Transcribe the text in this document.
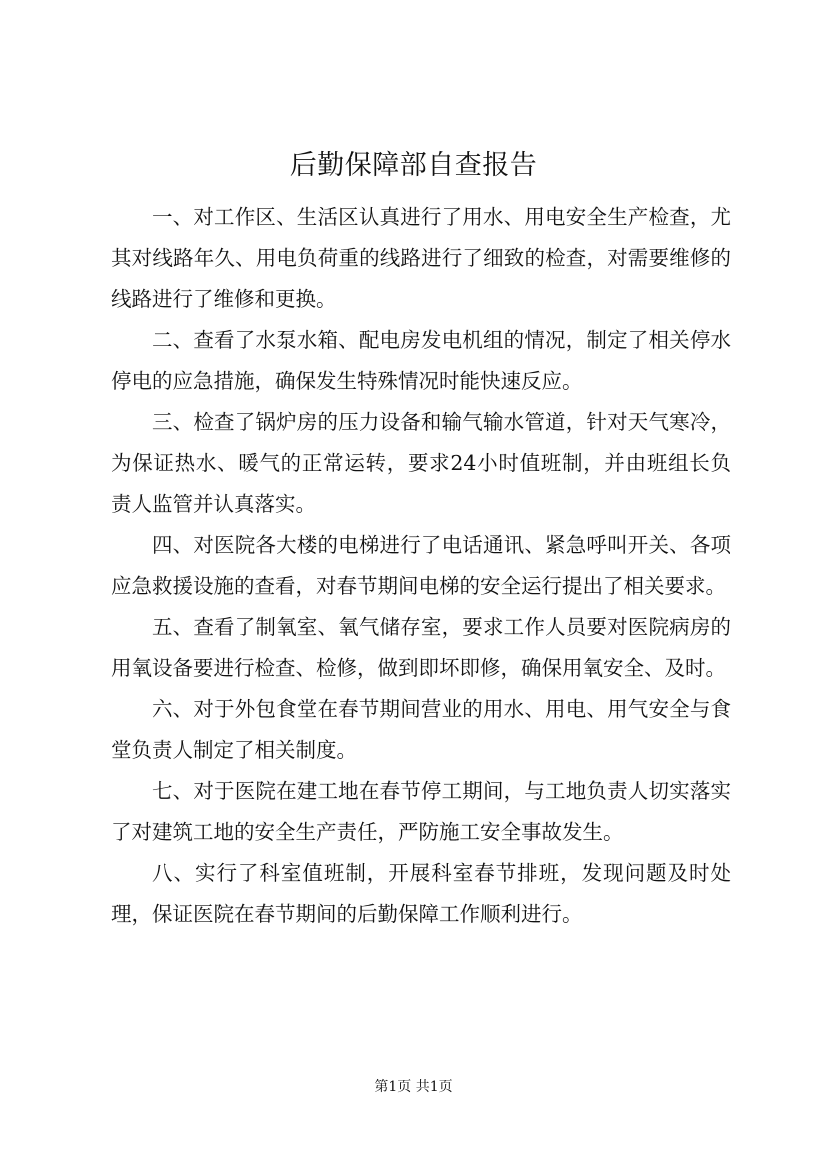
后勤保障部自查报告

一、对工作区、生活区认真进行了用水、用电安全生产检查，尤其对线路年久、用电负荷重的线路进行了细致的检查，对需要维修的线路进行了维修和更换。

二、查看了水泵水箱、配电房发电机组的情况，制定了相关停水停电的应急措施，确保发生特殊情况时能快速反应。

三、检查了锅炉房的压力设备和输气输水管道，针对天气寒冷，为保证热水、暖气的正常运转，要求24小时值班制，并由班组长负责人监管并认真落实。

四、对医院各大楼的电梯进行了电话通讯、紧急呼叫开关、各项应急救援设施的查看，对春节期间电梯的安全运行提出了相关要求。

五、查看了制氧室、氧气储存室，要求工作人员要对医院病房的用氧设备要进行检查、检修，做到即坏即修，确保用氧安全、及时。

六、对于外包食堂在春节期间营业的用水、用电、用气安全与食堂负责人制定了相关制度。

七、对于医院在建工地在春节停工期间，与工地负责人切实落实了对建筑工地的安全生产责任，严防施工安全事故发生。

八、实行了科室值班制，开展科室春节排班，发现问题及时处理，保证医院在春节期间的后勤保障工作顺利进行。

第1页 共1页
